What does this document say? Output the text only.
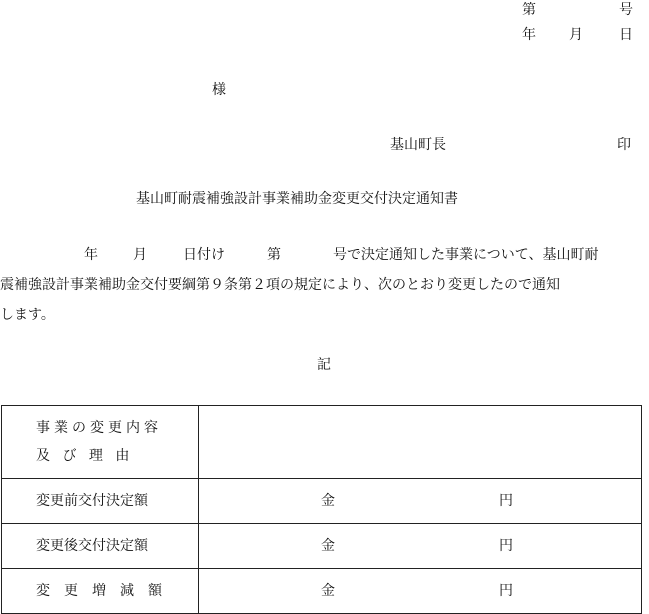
第	号
年 月	日
様
基山町長	印
基山町耐震補強設計事業補助金変更交付決定通知書
年	月	日付け	第	号で決定通知した事業について、基山町耐
震補強設計事業補助金交付要綱第９条第２項の規定により、次のとおり変更したので通知
します。
記
事業の変更内容
及 び 理 由	

変更前交付決定額	金 円

変更後交付決定額	金 円

変更増減額	金 円
